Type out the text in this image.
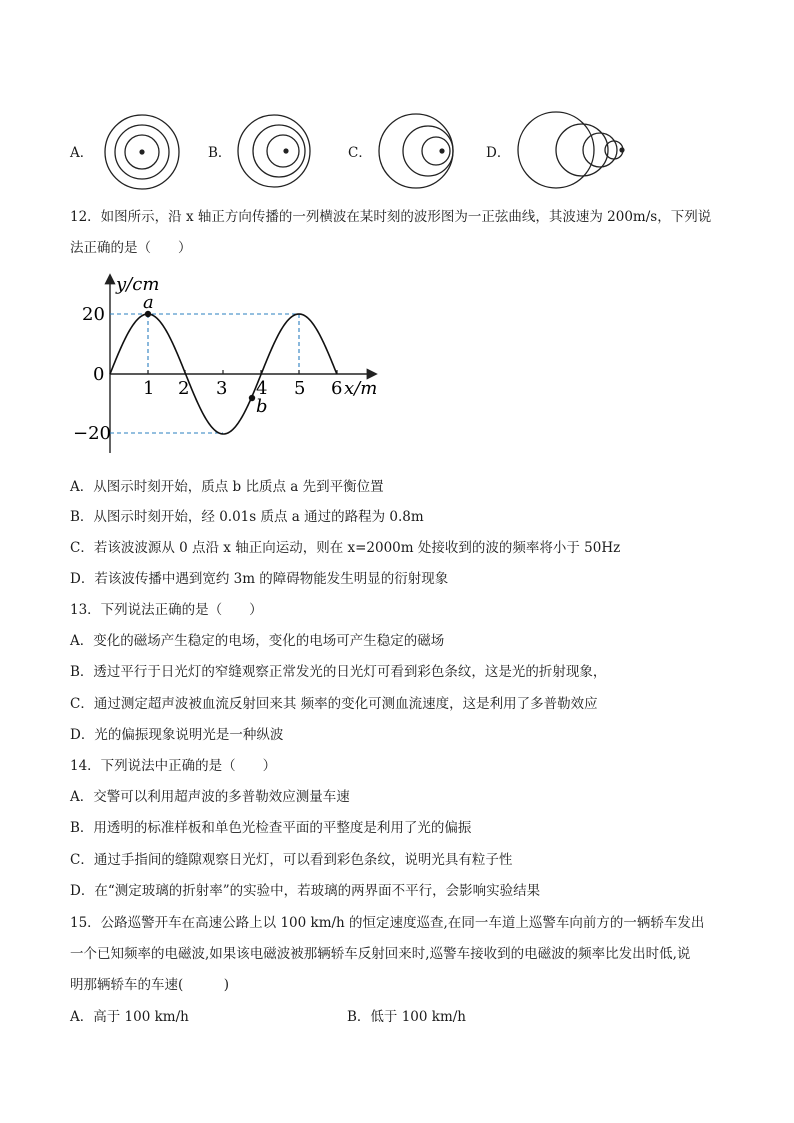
A．	B．	C．	D．
12．如图所示，沿 x 轴正方向传播的一列横波在某时刻的波形图为一正弦曲线，其波速为 200m/s，下列说
法正确的是（　　）
y/cm
x/m
a
b
20
0
−20
1 2 3 4 5 6
A．从图示时刻开始，质点 b 比质点 a 先到平衡位置
B．从图示时刻开始，经 0.01s 质点 a 通过的路程为 0.8m
C．若该波波源从 0 点沿 x 轴正向运动，则在 x=2000m 处接收到的波的频率将小于 50Hz
D．若该波传播中遇到宽约 3m 的障碍物能发生明显的衍射现象
13．下列说法正确的是（　　）
A．变化的磁场产生稳定的电场，变化的电场可产生稳定的磁场
B．透过平行于日光灯的窄缝观察正常发光的日光灯可看到彩色条纹，这是光的折射现象，
C．通过测定超声波被血流反射回来其 频率的变化可测血流速度，这是利用了多普勒效应
D．光的偏振现象说明光是一种纵波
14．下列说法中正确的是（　　）
A．交警可以利用超声波的多普勒效应测量车速
B．用透明的标准样板和单色光检查平面的平整度是利用了光的偏振
C．通过手指间的缝隙观察日光灯，可以看到彩色条纹，说明光具有粒子性
D．在“测定玻璃的折射率”的实验中，若玻璃的两界面不平行，会影响实验结果
15．公路巡警开车在高速公路上以 100 km/h 的恒定速度巡查,在同一车道上巡警车向前方的一辆轿车发出
一个已知频率的电磁波,如果该电磁波被那辆轿车反射回来时,巡警车接收到的电磁波的频率比发出时低,说
明那辆轿车的车速(　　　)
A．高于 100 km/h	B．低于 100 km/h
